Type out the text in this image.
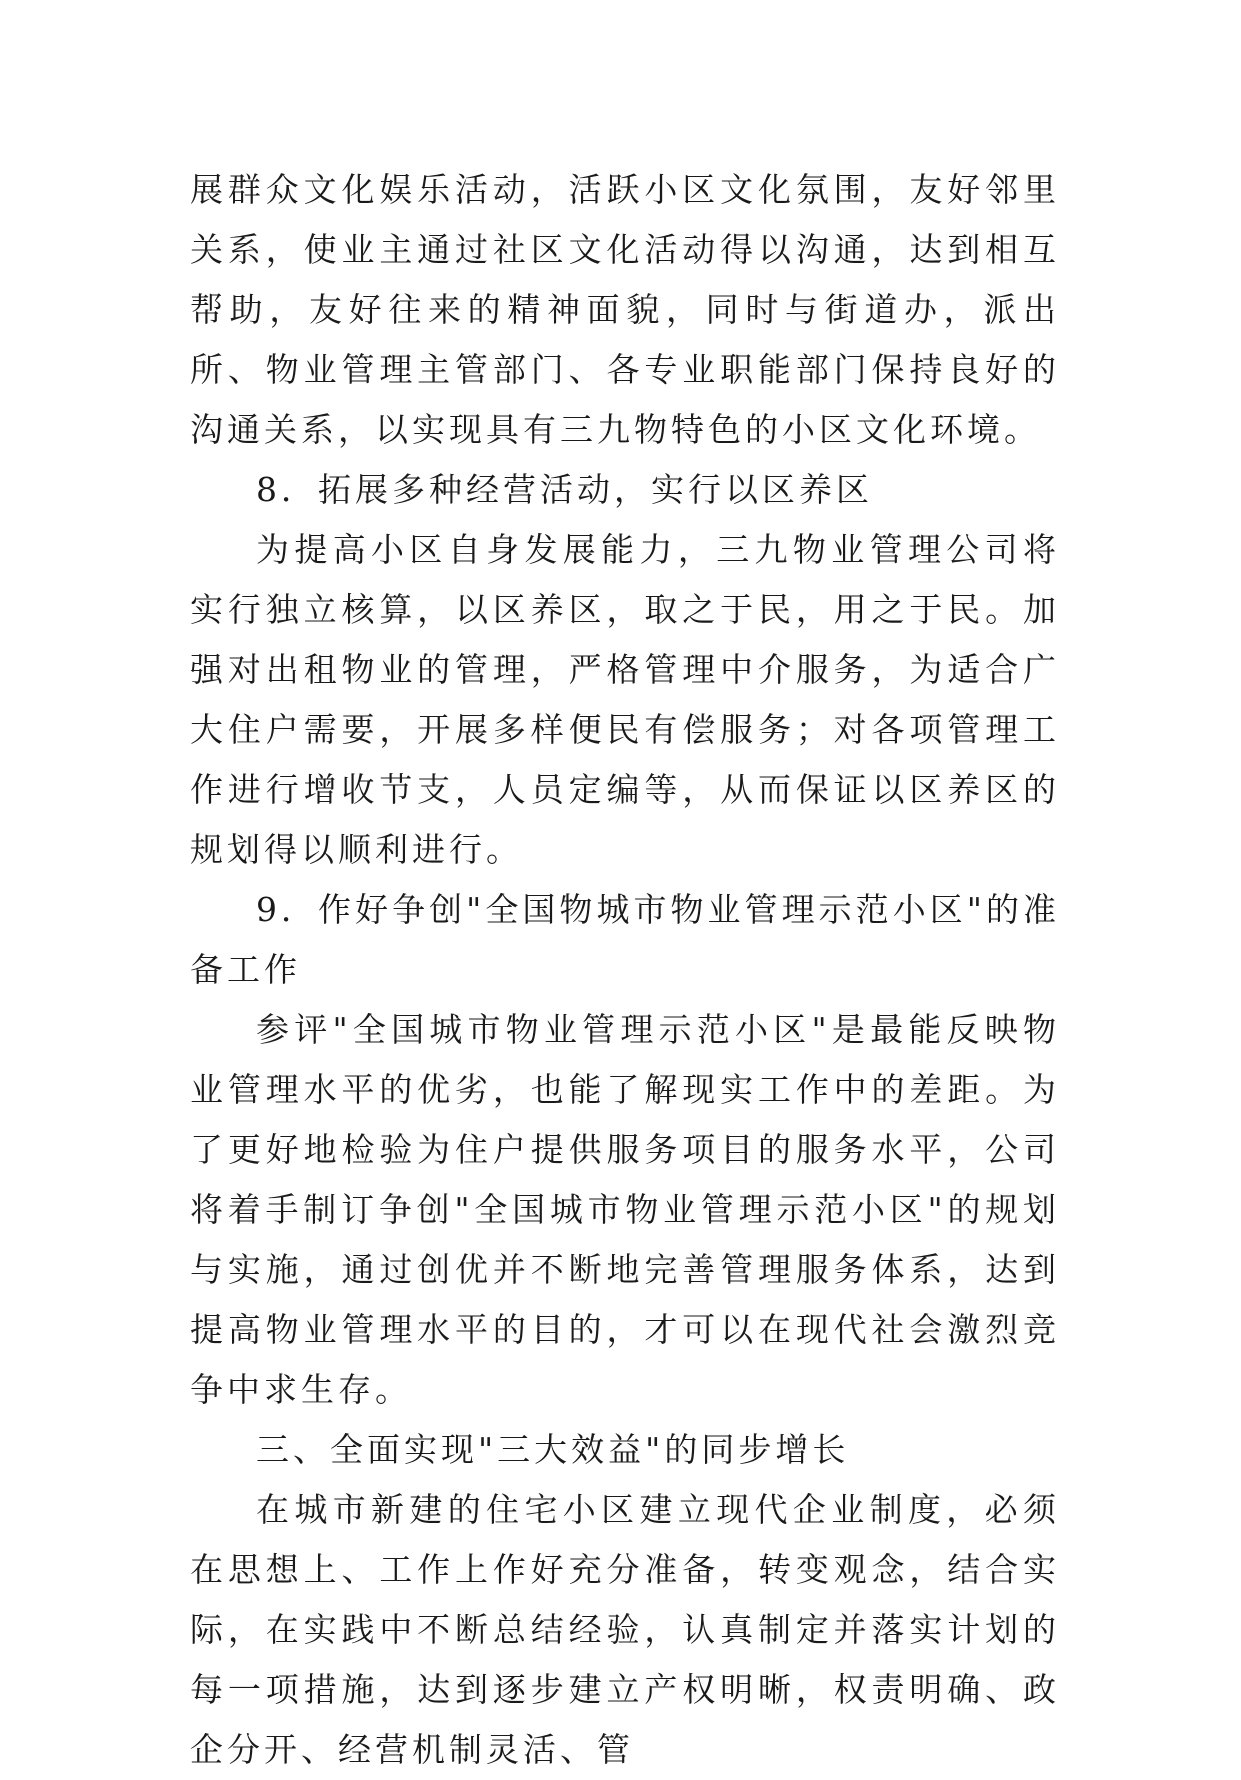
展群众文化娱乐活动，活跃小区文化氛围，友好邻里关系，使业主通过社区文化活动得以沟通，达到相互帮助，友好往来的精神面貌，同时与街道办，派出所、物业管理主管部门、各专业职能部门保持良好的沟通关系，以实现具有三九物特色的小区文化环境。

8．拓展多种经营活动，实行以区养区

为提高小区自身发展能力，三九物业管理公司将实行独立核算，以区养区，取之于民，用之于民。加强对出租物业的管理，严格管理中介服务，为适合广大住户需要，开展多样便民有偿服务；对各项管理工作进行增收节支，人员定编等，从而保证以区养区的规划得以顺利进行。

9．作好争创"全国物城市物业管理示范小区"的准备工作

参评"全国城市物业管理示范小区"是最能反映物业管理水平的优劣，也能了解现实工作中的差距。为了更好地检验为住户提供服务项目的服务水平，公司将着手制订争创"全国城市物业管理示范小区"的规划与实施，通过创优并不断地完善管理服务体系，达到提高物业管理水平的目的，才可以在现代社会激烈竞争中求生存。

三、全面实现"三大效益"的同步增长

在城市新建的住宅小区建立现代企业制度，必须在思想上、工作上作好充分准备，转变观念，结合实际，在实践中不断总结经验，认真制定并落实计划的每一项措施，达到逐步建立产权明晰，权责明确、政企分开、经营机制灵活、管
